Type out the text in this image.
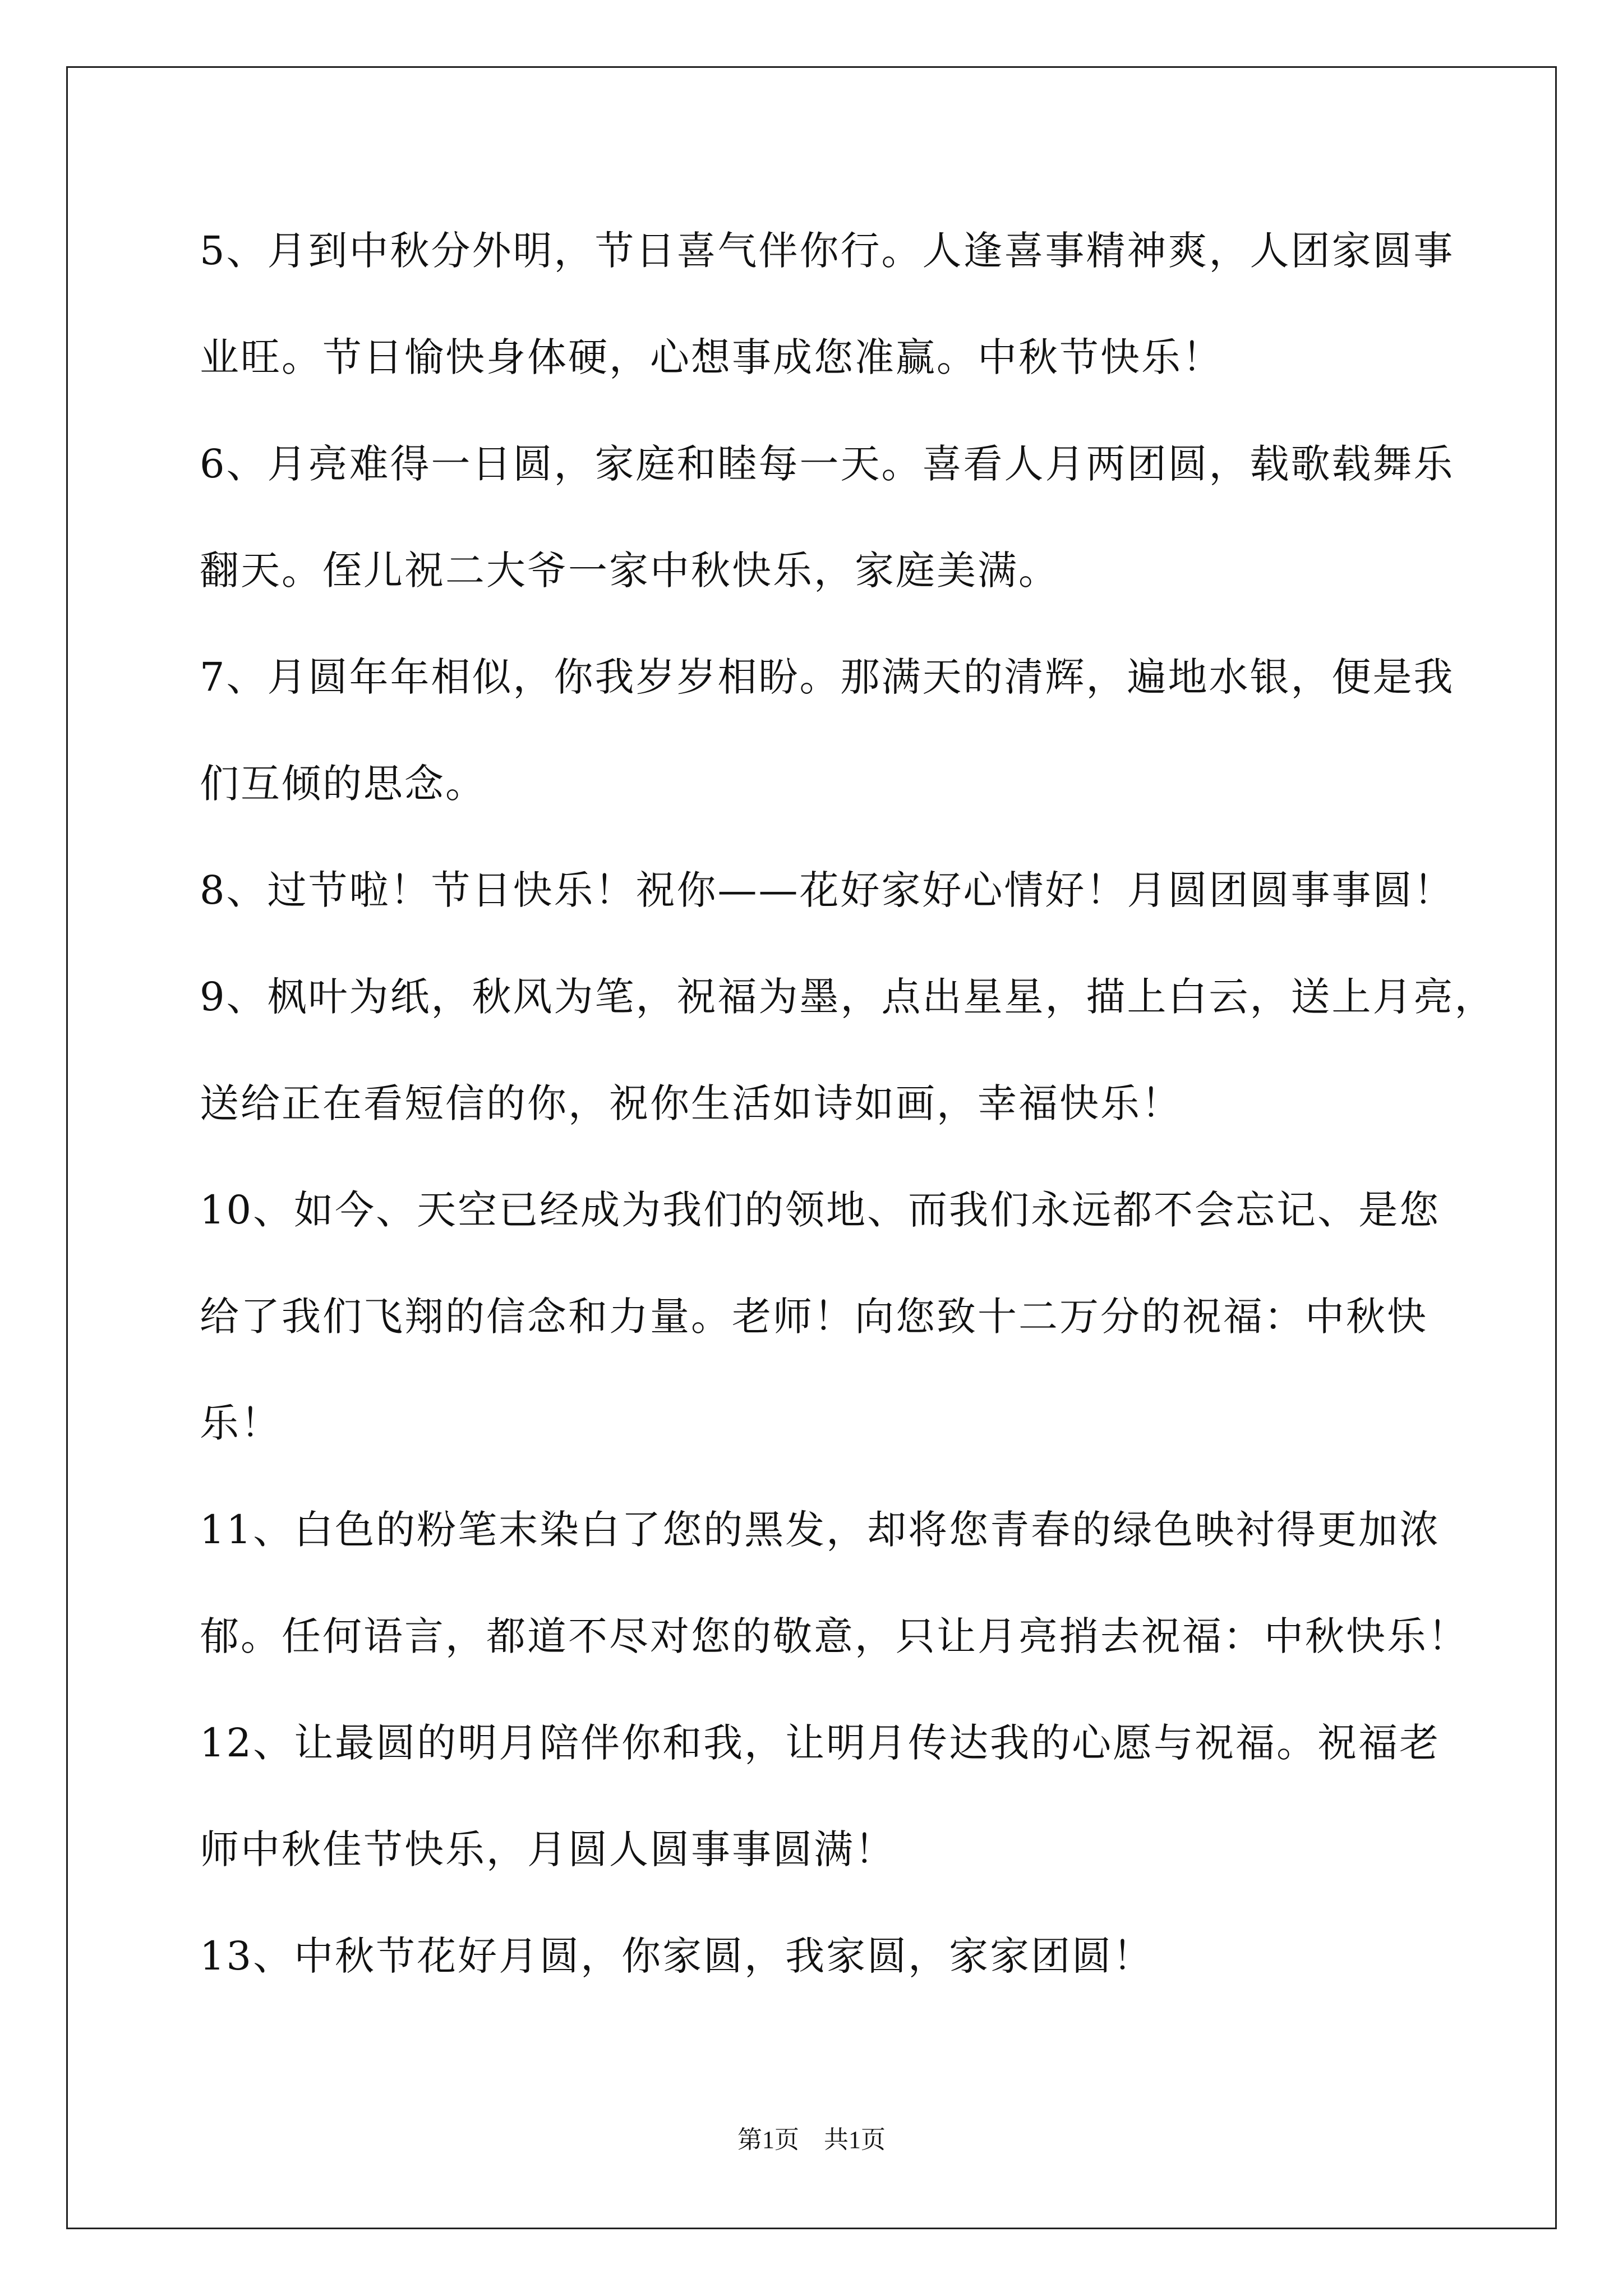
5、月到中秋分外明，节日喜气伴你行。人逢喜事精神爽，人团家圆事
业旺。节日愉快身体硬，心想事成您准赢。中秋节快乐！
6、月亮难得一日圆，家庭和睦每一天。喜看人月两团圆，载歌载舞乐
翻天。侄儿祝二大爷一家中秋快乐，家庭美满。
7、月圆年年相似，你我岁岁相盼。那满天的清辉，遍地水银，便是我
们互倾的思念。
8、过节啦！节日快乐！祝你——花好家好心情好！月圆团圆事事圆！
9、枫叶为纸，秋风为笔，祝福为墨，点出星星，描上白云，送上月亮，
送给正在看短信的你，祝你生活如诗如画，幸福快乐！
10、如今、天空已经成为我们的领地、而我们永远都不会忘记、是您
给了我们飞翔的信念和力量。老师！向您致十二万分的祝福：中秋快
乐！
11、白色的粉笔末染白了您的黑发，却将您青春的绿色映衬得更加浓
郁。任何语言，都道不尽对您的敬意，只让月亮捎去祝福：中秋快乐！
12、让最圆的明月陪伴你和我，让明月传达我的心愿与祝福。祝福老
师中秋佳节快乐，月圆人圆事事圆满！
13、中秋节花好月圆，你家圆，我家圆，家家团圆！
第1页　共1页
